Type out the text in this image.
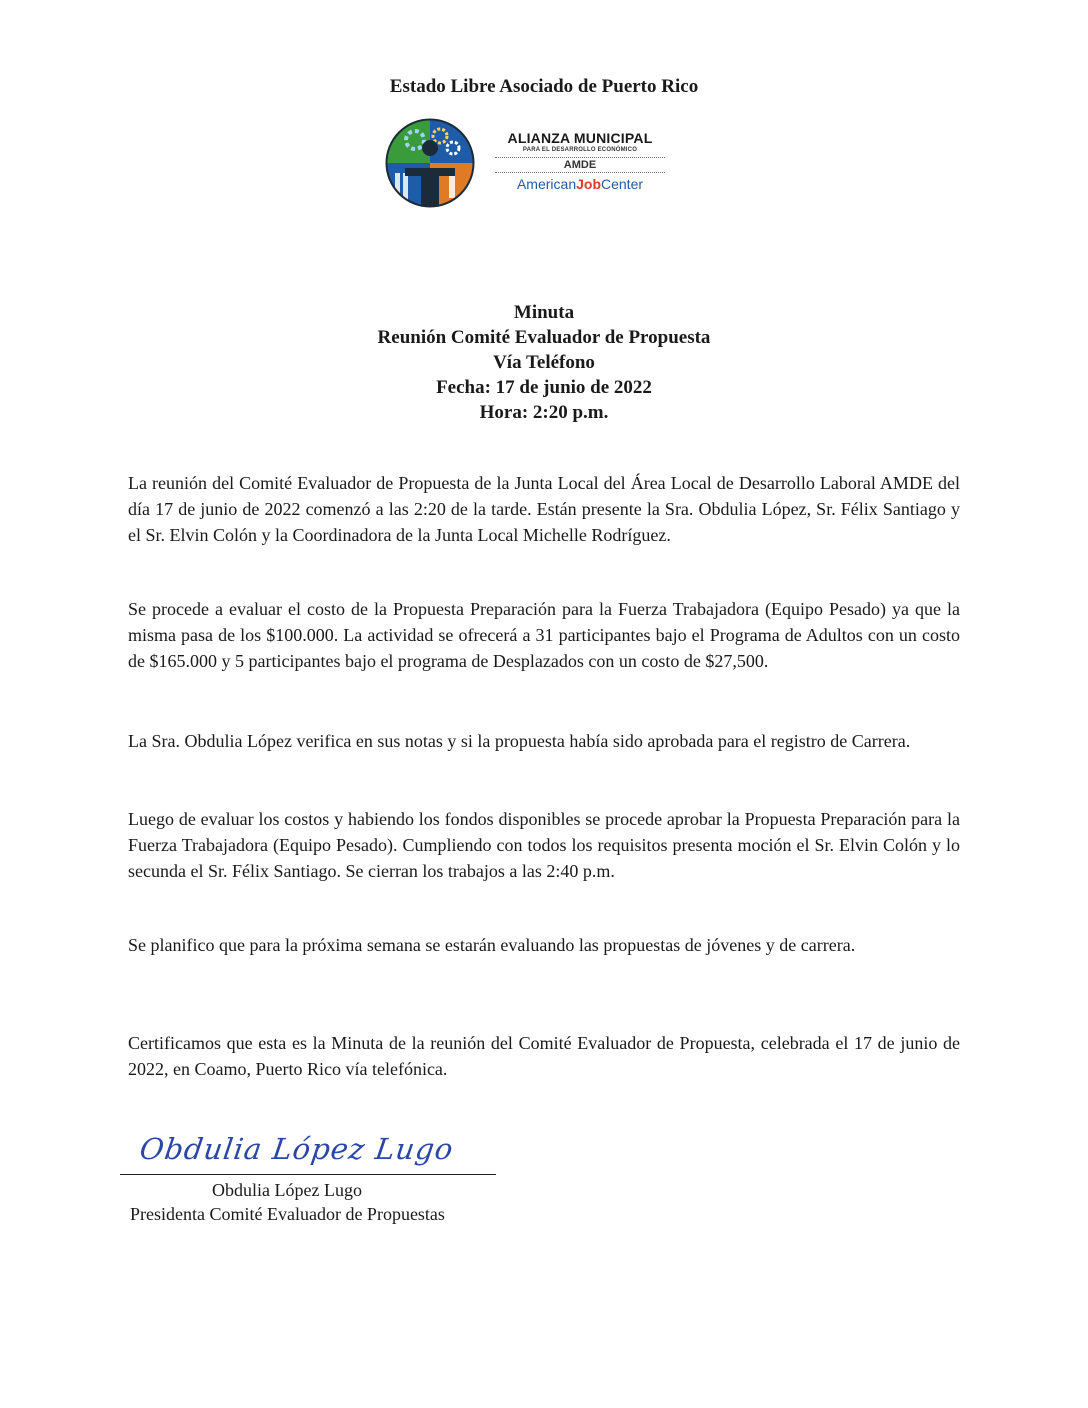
Estado Libre Asociado de Puerto Rico
ALIANZA MUNICIPAL
PARA EL DESARROLLO ECONÓMICO
AMDE
AmericanJobCenter
Minuta
Reunión Comité Evaluador de Propuesta
Vía Teléfono
Fecha: 17 de junio de 2022
Hora: 2:20 p.m.

La reunión del Comité Evaluador de Propuesta de la Junta Local del Área Local de Desarrollo Laboral AMDE del día 17 de junio de 2022 comenzó a las 2:20 de la tarde. Están presente la Sra. Obdulia López, Sr. Félix Santiago y el Sr. Elvin Colón y la Coordinadora de la Junta Local Michelle Rodríguez.

Se procede a evaluar el costo de la Propuesta Preparación para la Fuerza Trabajadora (Equipo Pesado) ya que la misma pasa de los $100.000. La actividad se ofrecerá a 31 participantes bajo el Programa de Adultos con un costo de $165.000 y 5 participantes bajo el programa de Desplazados con un costo de $27,500.

La Sra. Obdulia López verifica en sus notas y si la propuesta había sido aprobada para el registro de Carrera.

Luego de evaluar los costos y habiendo los fondos disponibles se procede aprobar la Propuesta Preparación para la Fuerza Trabajadora (Equipo Pesado). Cumpliendo con todos los requisitos presenta moción el Sr. Elvin Colón y lo secunda el Sr. Félix Santiago. Se cierran los trabajos a las 2:40 p.m.

Se planifico que para la próxima semana se estarán evaluando las propuestas de jóvenes y de carrera.

Certificamos que esta es la Minuta de la reunión del Comité Evaluador de Propuesta, celebrada el 17 de junio de 2022, en Coamo, Puerto Rico vía telefónica.

Obdulia López Lugo
Obdulia López Lugo
Presidenta Comité Evaluador de Propuestas
